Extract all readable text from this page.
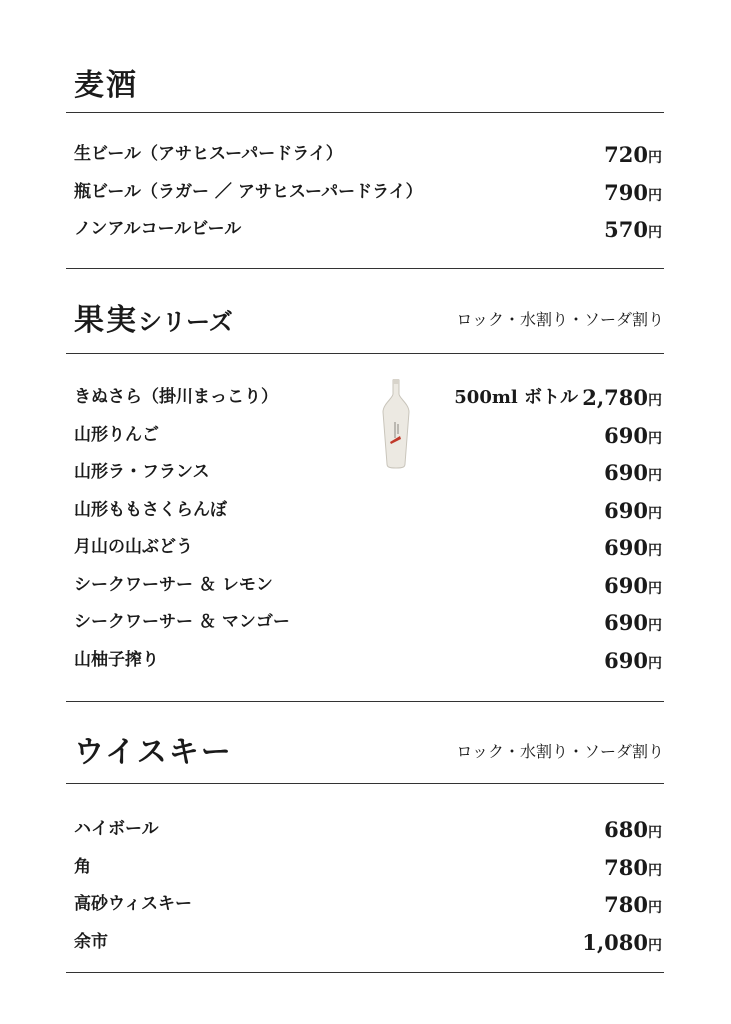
麦酒
生ビール（アサヒスーパードライ）	720円
瓶ビール（ラガー ／ アサヒスーパードライ）	790円
ノンアルコールビール	570円
果実シリーズ	ロック・水割り・ソーダ割り
きぬさら（掛川まっこり）	500ml ボトル 2,780円
山形りんご	690円
山形ラ・フランス	690円
山形ももさくらんぼ	690円
月山の山ぶどう	690円
シークワーサー ＆ レモン	690円
シークワーサー ＆ マンゴー	690円
山柚子搾り	690円
ウイスキー	ロック・水割り・ソーダ割り
ハイボール	680円
角	780円
高砂ウィスキー	780円
余市	1,080円
